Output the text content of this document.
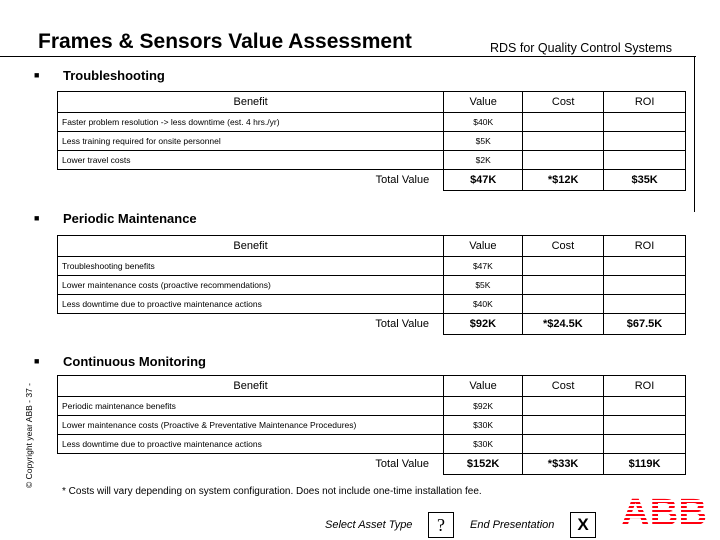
Frames & Sensors Value Assessment	RDS for Quality Control Systems
© Copyright year ABB - 37 -
■ Troubleshooting
Benefit	Value	Cost	ROI
Faster problem resolution -> less downtime (est. 4 hrs./yr)	$40K		
Less training required for onsite personnel	$5K		
Lower travel costs	$2K		
Total Value	$47K	*$12K	$35K
■ Periodic Maintenance
Benefit	Value	Cost	ROI
Troubleshooting benefits	$47K		
Lower maintenance costs (proactive recommendations)	$5K		
Less downtime due to proactive maintenance actions	$40K		
Total Value	$92K	*$24.5K	$67.5K
■ Continuous Monitoring
Benefit	Value	Cost	ROI
Periodic maintenance benefits	$92K		
Lower maintenance costs (Proactive & Preventative Maintenance Procedures)	$30K		
Less downtime due to proactive maintenance actions	$30K		
Total Value	$152K	*$33K	$119K
* Costs will vary depending on system configuration. Does not include one-time installation fee.
Select Asset Type	?	End Presentation	X ABB
